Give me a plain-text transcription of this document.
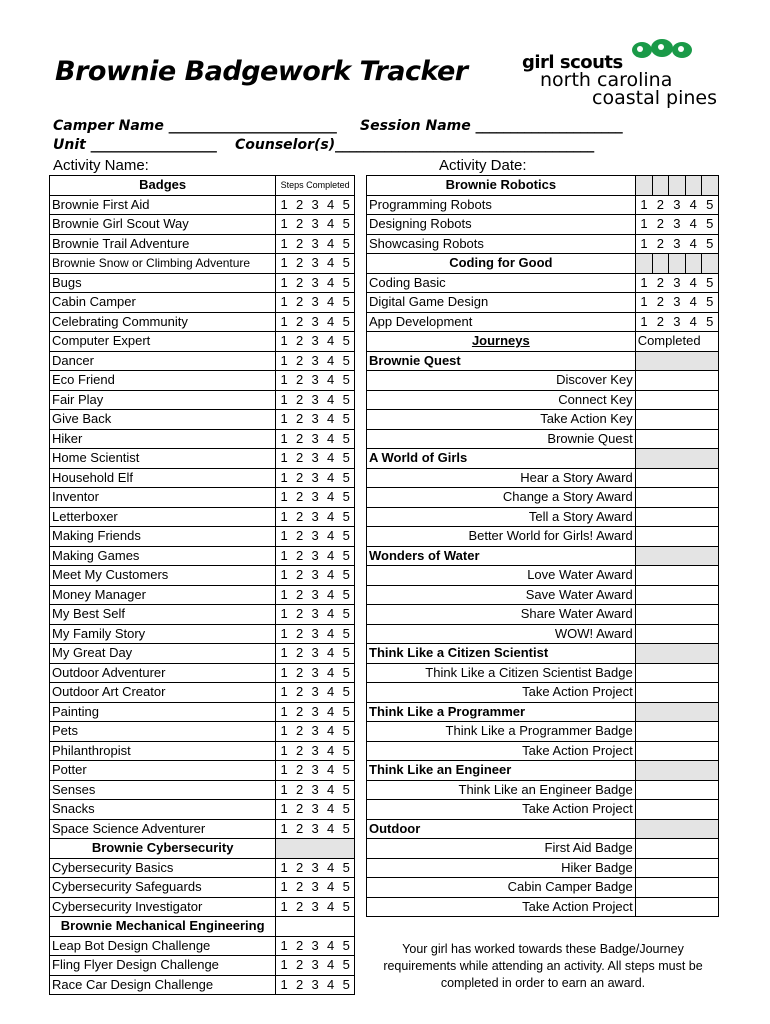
Brownie Badgework Tracker	girl scouts
north carolina
coastal pines
Camper Name ________________________ Session Name _____________________
Unit __________________ Counselor(s)_____________________________________
Activity Name:	Activity Date:
Badges	Steps Completed				
Brownie First Aid	1	2	3	4	5
Brownie Girl Scout Way	1	2	3	4	5
Brownie Trail Adventure	1	2	3	4	5
Brownie Snow or Climbing Adventure	1	2	3	4	5
Bugs	1	2	3	4	5
Cabin Camper	1	2	3	4	5
Celebrating Community	1	2	3	4	5
Computer Expert	1	2	3	4	5
Dancer	1	2	3	4	5
Eco Friend	1	2	3	4	5
Fair Play	1	2	3	4	5
Give Back	1	2	3	4	5
Hiker	1	2	3	4	5
Home Scientist	1	2	3	4	5
Household Elf	1	2	3	4	5
Inventor	1	2	3	4	5
Letterboxer	1	2	3	4	5
Making Friends	1	2	3	4	5
Making Games	1	2	3	4	5
Meet My Customers	1	2	3	4	5
Money Manager	1	2	3	4	5
My Best Self	1	2	3	4	5
My Family Story	1	2	3	4	5
My Great Day	1	2	3	4	5
Outdoor Adventurer	1	2	3	4	5
Outdoor Art Creator	1	2	3	4	5
Painting	1	2	3	4	5
Pets	1	2	3	4	5
Philanthropist	1	2	3	4	5
Potter	1	2	3	4	5
Senses	1	2	3	4	5
Snacks	1	2	3	4	5
Space Science Adventurer	1	2	3	4	5
Brownie Cybersecurity					
Cybersecurity Basics	1	2	3	4	5
Cybersecurity Safeguards	1	2	3	4	5
Cybersecurity Investigator	1	2	3	4	5
Brownie Mechanical Engineering					
Leap Bot Design Challenge	1	2	3	4	5
Fling Flyer Design Challenge	1	2	3	4	5
Race Car Design Challenge	1	2	3	4	5
Brownie Robotics					
Programming Robots	1	2	3	4	5
Designing Robots	1	2	3	4	5
Showcasing Robots	1	2	3	4	5
Coding for Good					
Coding Basic	1	2	3	4	5
Digital Game Design	1	2	3	4	5
App Development	1	2	3	4	5
Journeys	Completed				
Brownie Quest					
Discover Key					
Connect Key					
Take Action Key					
Brownie Quest					
A World of Girls					
Hear a Story Award					
Change a Story Award					
Tell a Story Award					
Better World for Girls! Award					
Wonders of Water					
Love Water Award					
Save Water Award					
Share Water Award					
WOW! Award					
Think Like a Citizen Scientist					
Think Like a Citizen Scientist Badge					
Take Action Project					
Think Like a Programmer					
Think Like a Programmer Badge					
Take Action Project					
Think Like an Engineer					
Think Like an Engineer Badge					
Take Action Project					
Outdoor					
First Aid Badge					
Hiker Badge					
Cabin Camper Badge					
Take Action Project					
Your girl has worked towards these Badge/Journey requirements while attending an activity. All steps must be completed in order to earn an award.
